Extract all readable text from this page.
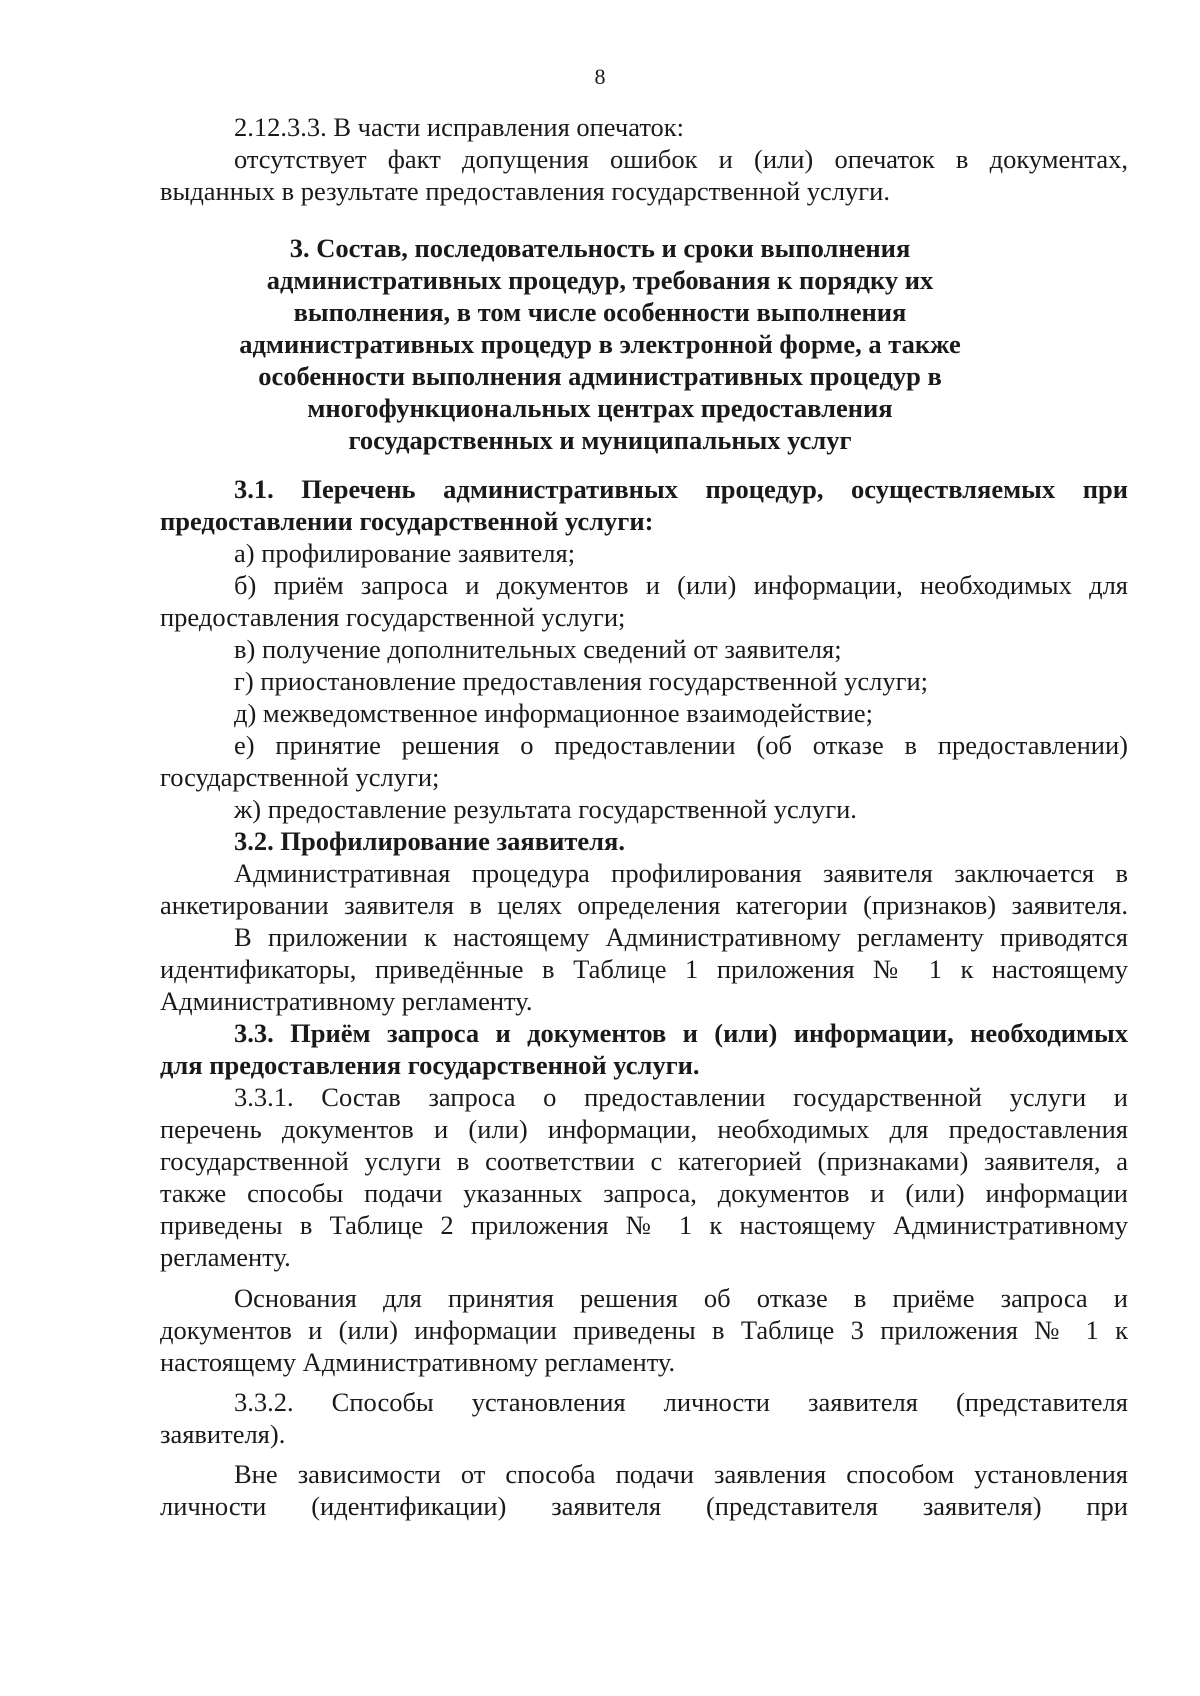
8
2.12.3.3. В части исправления опечаток:
отсутствует факт допущения ошибок и (или) опечаток в документах,
выданных в результате предоставления государственной услуги.
3. Состав, последовательность и сроки выполнения
административных процедур, требования к порядку их
выполнения, в том числе особенности выполнения
административных процедур в электронной форме, а также
особенности выполнения административных процедур в
многофункциональных центрах предоставления
государственных и муниципальных услуг
3.1. Перечень административных процедур, осуществляемых при
предоставлении государственной услуги:
а) профилирование заявителя;
б) приём запроса и документов и (или) информации, необходимых для
предоставления государственной услуги;
в) получение дополнительных сведений от заявителя;
г) приостановление предоставления государственной услуги;
д) межведомственное информационное взаимодействие;
е) принятие решения о предоставлении (об отказе в предоставлении)
государственной услуги;
ж) предоставление результата государственной услуги.
3.2. Профилирование заявителя.
Административная процедура профилирования заявителя заключается в
анкетировании заявителя в целях определения категории (признаков) заявителя.
В приложении к настоящему Административному регламенту приводятся
идентификаторы, приведённые в Таблице 1 приложения № 1 к настоящему
Административному регламенту.
3.3. Приём запроса и документов и (или) информации, необходимых
для предоставления государственной услуги.
3.3.1. Состав запроса о предоставлении государственной услуги и
перечень документов и (или) информации, необходимых для предоставления
государственной услуги в соответствии с категорией (признаками) заявителя, а
также способы подачи указанных запроса, документов и (или) информации
приведены в Таблице 2 приложения № 1 к настоящему Административному
регламенту.
Основания для принятия решения об отказе в приёме запроса и
документов и (или) информации приведены в Таблице 3 приложения № 1 к
настоящему Административному регламенту.
3.3.2. Способы установления личности заявителя (представителя
заявителя).
Вне зависимости от способа подачи заявления способом установления
личности (идентификации) заявителя (представителя заявителя) при
